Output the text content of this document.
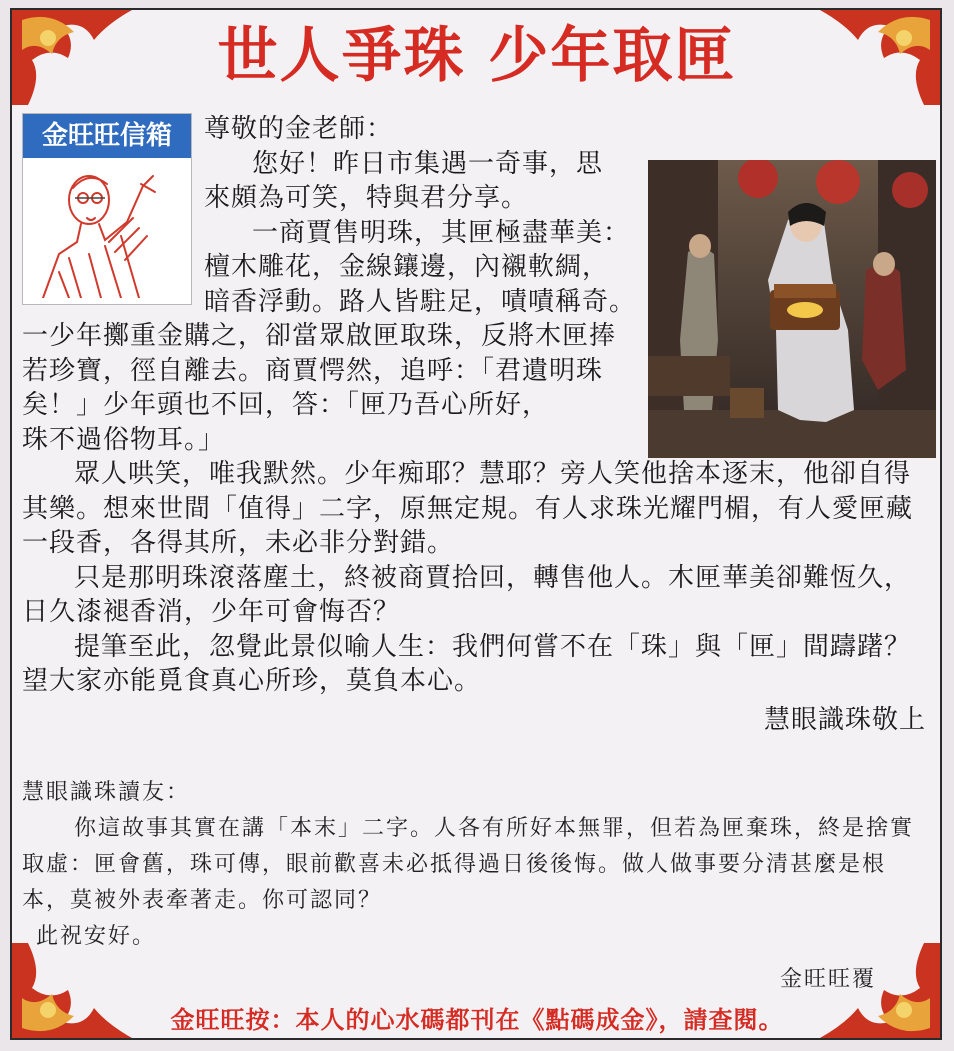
世人爭珠 少年取匣
金旺旺信箱	尊敬的金老師：

您好！昨日市集遇一奇事，思

來頗為可笑，特與君分享。

一商賈售明珠，其匣極盡華美：

檀木雕花，金線鑲邊，內襯軟綢，

暗香浮動。路人皆駐足，嘖嘖稱奇。

一少年擲重金購之，卻當眾啟匣取珠，反將木匣捧若珍寶，徑自離去。商賈愕然，追呼：「君遺明珠矣！」少年頭也不回，答：「匣乃吾心所好，

珠不過俗物耳。」

眾人哄笑，唯我默然。少年痴耶？慧耶？旁人笑他捨本逐末，他卻自得其樂。想來世間「值得」二字，原無定規。有人求珠光耀門楣，有人愛匣藏一段香，各得其所，未必非分對錯。

只是那明珠滾落塵土，終被商賈拾回，轉售他人。木匣華美卻難恆久，日久漆褪香消，少年可會悔否？

提筆至此，忽覺此景似喻人生：我們何嘗不在「珠」與「匣」間躊躇？望大家亦能覓食真心所珍，莫負本心。

慧眼識珠敬上

慧眼識珠讀友：

你這故事其實在講「本末」二字。人各有所好本無罪，但若為匣棄珠，終是捨實取虛：匣會舊，珠可傳，眼前歡喜未必抵得過日後後悔。做人做事要分清甚麼是根本，莫被外表牽著走。你可認同？

此祝安好。

金旺旺覆
金旺旺按：本人的心水碼都刊在《點碼成金》，請查閱。
